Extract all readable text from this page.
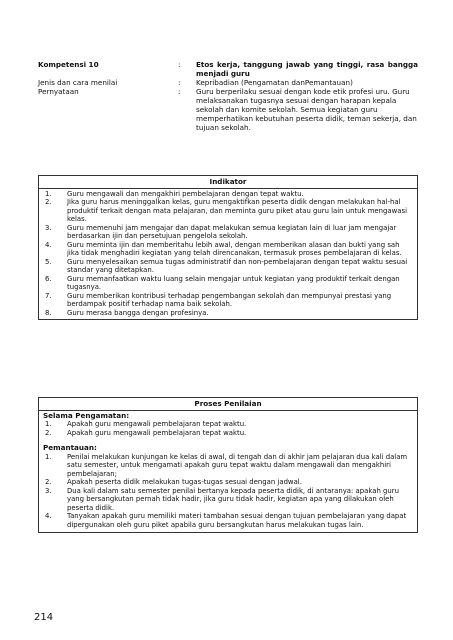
Kompetensi 10	:	Etos kerja, tanggung jawab yang tinggi, rasa bangga menjadi guru
Jenis dan cara menilai	:	Kepribadian (Pengamatan danPemantauan)
Pernyataan	:	Guru berperilaku sesuai dengan kode etik profesi uru. Guru melaksanakan tugasnya sesuai dengan harapan kepala sekolah dan komite sekolah. Semua kegiatan guru memperhatikan kebutuhan peserta didik, teman sekerja, dan tujuan sekolah.
Indikator
1.	Guru mengawali dan mengakhiri pembelajaran dengan tepat waktu.
2.	Jika guru harus meninggalkan kelas, guru mengaktifkan peserta didik dengan melakukan hal-hal produktif terkait dengan mata pelajaran, dan meminta guru piket atau guru lain untuk mengawasi kelas.
3.	Guru memenuhi jam mengajar dan dapat melakukan semua kegiatan lain di luar jam mengajar berdasarkan ijin dan persetujuan pengelola sekolah.
4.	Guru meminta ijin dan memberitahu lebih awal, dengan memberikan alasan dan bukti yang sah jika tidak menghadiri kegiatan yang telah direncanakan, termasuk proses pembelajaran di kelas.
5.	Guru menyelesaikan semua tugas administratif dan non-pembelajaran dengan tepat waktu sesuai standar yang ditetapkan.
6.	Guru memanfaatkan waktu luang selain mengajar untuk kegiatan yang produktif terkait dengan tugasnya.
7.	Guru memberikan kontribusi terhadap pengembangan sekolah dan mempunyai prestasi yang berdampak positif terhadap nama baik sekolah.
8.	Guru merasa bangga dengan profesinya.
Proses Penilaian
Selama Pengamatan:
1.	Apakah guru mengawali pembelajaran tepat waktu.
2.	Apakah guru mengawali pembelajaran tepat waktu.
Pemantauan:
1.	Penilai melakukan kunjungan ke kelas di awal, di tengah dan di akhir jam pelajaran dua kali dalam satu semester, untuk mengamati apakah guru tepat waktu dalam mengawali dan mengakhiri pembelajaran;
2.	Apakah peserta didik melakukan tugas-tugas sesuai dengan jadwal.
3.	Dua kali dalam satu semester penilai bertanya kepada peserta didik, di antaranya: apakah guru yang bersangkutan pernah tidak hadir, jika guru tidak hadir, kegiatan apa yang dilakukan oleh peserta didik.
4.	Tanyakan apakah guru memiliki materi tambahan sesuai dengan tujuan pembelajaran yang dapat dipergunakan oleh guru piket apabila guru bersangkutan harus melakukan tugas lain.
214
